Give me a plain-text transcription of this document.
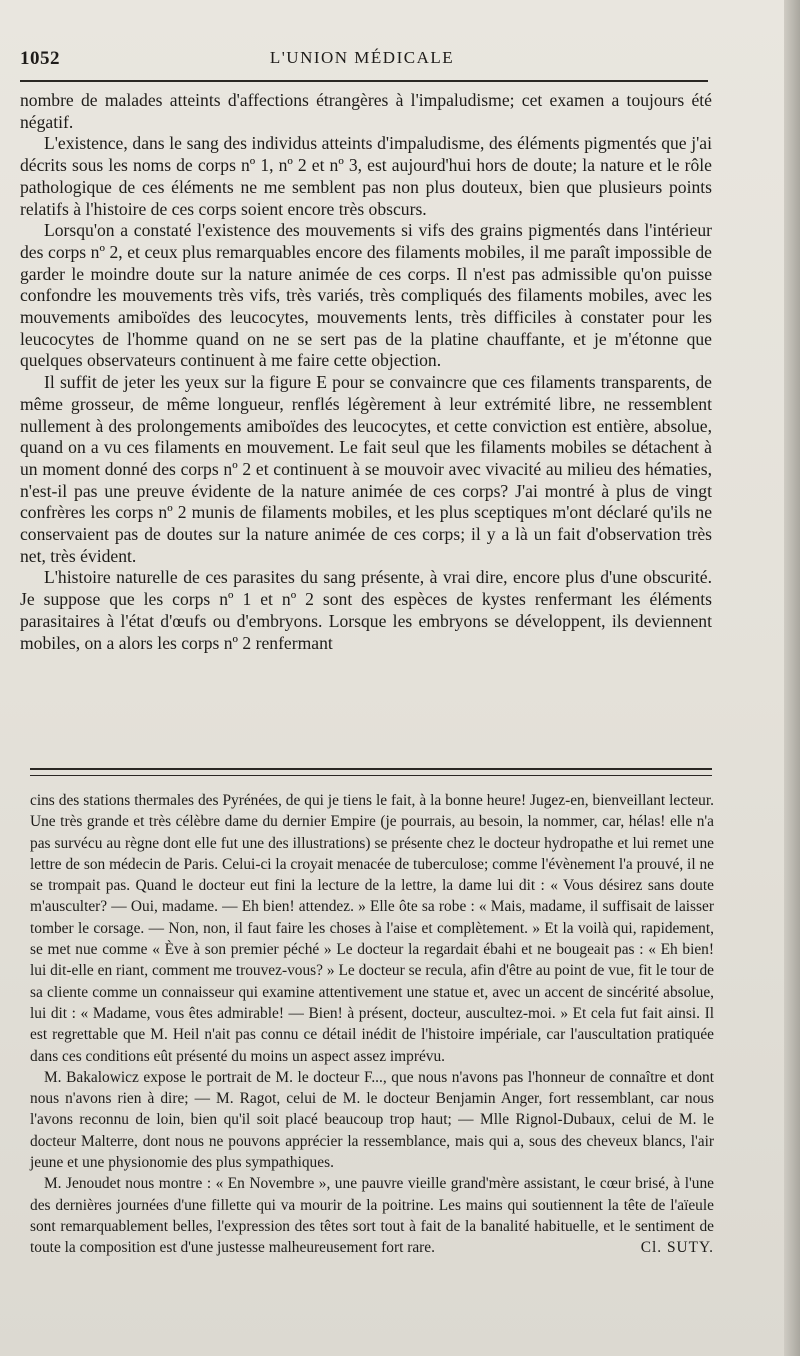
1052	L'UNION MÉDICALE

nombre de malades atteints d'affections étrangères à l'impaludisme; cet examen a toujours été négatif.

L'existence, dans le sang des individus atteints d'impaludisme, des éléments pigmentés que j'ai décrits sous les noms de corps nº 1, nº 2 et nº 3, est aujourd'hui hors de doute; la nature et le rôle pathologique de ces éléments ne me semblent pas non plus douteux, bien que plusieurs points relatifs à l'histoire de ces corps soient encore très obscurs.

Lorsqu'on a constaté l'existence des mouvements si vifs des grains pigmentés dans l'intérieur des corps nº 2, et ceux plus remarquables encore des filaments mobiles, il me paraît impossible de garder le moindre doute sur la nature animée de ces corps. Il n'est pas admissible qu'on puisse confondre les mouvements très vifs, très variés, très compliqués des filaments mobiles, avec les mouvements amiboïdes des leucocytes, mouvements lents, très difficiles à constater pour les leucocytes de l'homme quand on ne se sert pas de la platine chauffante, et je m'étonne que quelques observateurs continuent à me faire cette objection.

Il suffit de jeter les yeux sur la figure E pour se convaincre que ces filaments transparents, de même grosseur, de même longueur, renflés légèrement à leur extrémité libre, ne ressemblent nullement à des prolongements amiboïdes des leucocytes, et cette conviction est entière, absolue, quand on a vu ces filaments en mouvement. Le fait seul que les filaments mobiles se détachent à un moment donné des corps nº 2 et continuent à se mouvoir avec vivacité au milieu des hématies, n'est-il pas une preuve évidente de la nature animée de ces corps? J'ai montré à plus de vingt confrères les corps nº 2 munis de filaments mobiles, et les plus sceptiques m'ont déclaré qu'ils ne conservaient pas de doutes sur la nature animée de ces corps; il y a là un fait d'observation très net, très évident.

L'histoire naturelle de ces parasites du sang présente, à vrai dire, encore plus d'une obscurité. Je suppose que les corps nº 1 et nº 2 sont des espèces de kystes renfermant les éléments parasitaires à l'état d'œufs ou d'embryons. Lorsque les embryons se développent, ils deviennent mobiles, on a alors les corps nº 2 renfermant

cins des stations thermales des Pyrénées, de qui je tiens le fait, à la bonne heure! Jugez-en, bienveillant lecteur. Une très grande et très célèbre dame du dernier Empire (je pourrais, au besoin, la nommer, car, hélas! elle n'a pas survécu au règne dont elle fut une des illustrations) se présente chez le docteur hydropathe et lui remet une lettre de son médecin de Paris. Celui-ci la croyait menacée de tuberculose; comme l'évènement l'a prouvé, il ne se trompait pas. Quand le docteur eut fini la lecture de la lettre, la dame lui dit : « Vous désirez sans doute m'ausculter? — Oui, madame. — Eh bien! attendez. » Elle ôte sa robe : « Mais, madame, il suffisait de laisser tomber le corsage. — Non, non, il faut faire les choses à l'aise et complètement. » Et la voilà qui, rapidement, se met nue comme « Ève à son premier péché » Le docteur la regardait ébahi et ne bougeait pas : « Eh bien! lui dit-elle en riant, comment me trouvez-vous? » Le docteur se recula, afin d'être au point de vue, fit le tour de sa cliente comme un connaisseur qui examine attentivement une statue et, avec un accent de sincérité absolue, lui dit : « Madame, vous êtes admirable! — Bien! à présent, docteur, auscultez-moi. » Et cela fut fait ainsi. Il est regrettable que M. Heil n'ait pas connu ce détail inédit de l'histoire impériale, car l'auscultation pratiquée dans ces conditions eût présenté du moins un aspect assez imprévu.

M. Bakalowicz expose le portrait de M. le docteur F..., que nous n'avons pas l'honneur de connaître et dont nous n'avons rien à dire; — M. Ragot, celui de M. le docteur Benjamin Anger, fort ressemblant, car nous l'avons reconnu de loin, bien qu'il soit placé beaucoup trop haut; — Mlle Rignol-Dubaux, celui de M. le docteur Malterre, dont nous ne pouvons apprécier la ressemblance, mais qui a, sous des cheveux blancs, l'air jeune et une physionomie des plus sympathiques.

M. Jenoudet nous montre : « En Novembre », une pauvre vieille grand'mère assistant, le cœur brisé, à l'une des dernières journées d'une fillette qui va mourir de la poitrine. Les mains qui soutiennent la tête de l'aïeule sont remarquablement belles, l'expression des têtes sort tout à fait de la banalité habituelle, et le sentiment de toute la composition est d'une justesse malheureusement fort rare.	Cl. SUTY.
